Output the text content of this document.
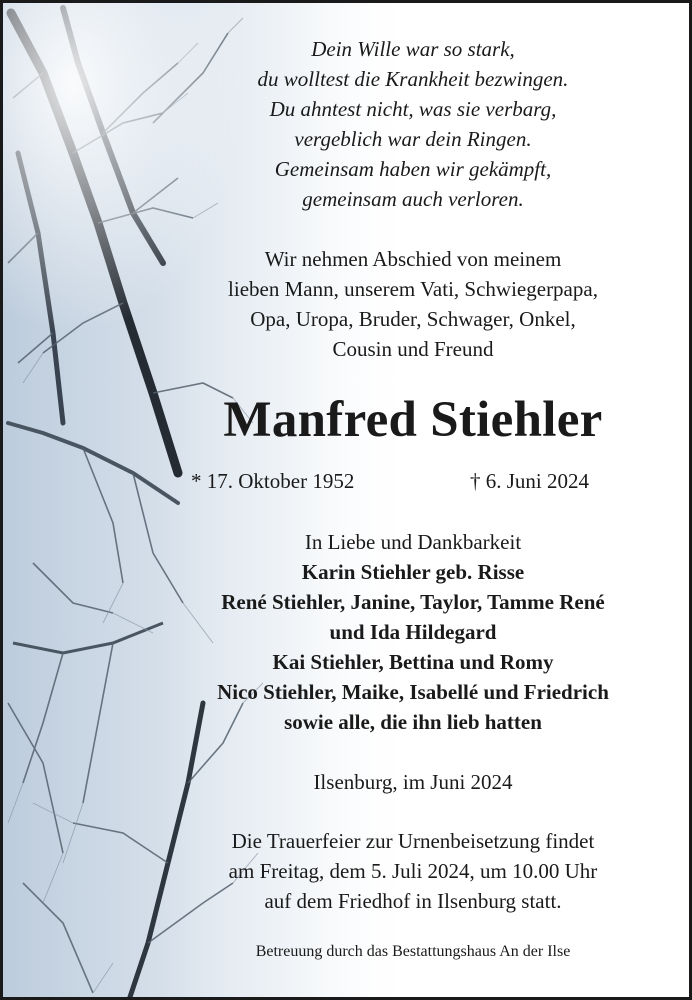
Dein Wille war so stark,
du wolltest die Krankheit bezwingen.
Du ahntest nicht, was sie verbarg,
vergeblich war dein Ringen.
Gemeinsam haben wir gekämpft,
gemeinsam auch verloren.
Wir nehmen Abschied von meinem
lieben Mann, unserem Vati, Schwiegerpapa,
Opa, Uropa, Bruder, Schwager, Onkel,
Cousin und Freund
Manfred Stiehler
* 17. Oktober 1952	† 6. Juni 2024
In Liebe und Dankbarkeit
Karin Stiehler geb. Risse
René Stiehler, Janine, Taylor, Tamme René
und Ida Hildegard
Kai Stiehler, Bettina und Romy
Nico Stiehler, Maike, Isabellé und Friedrich
sowie alle, die ihn lieb hatten
Ilsenburg, im Juni 2024
Die Trauerfeier zur Urnenbeisetzung findet
am Freitag, dem 5. Juli 2024, um 10.00 Uhr
auf dem Friedhof in Ilsenburg statt.
Betreuung durch das Bestattungshaus An der Ilse
